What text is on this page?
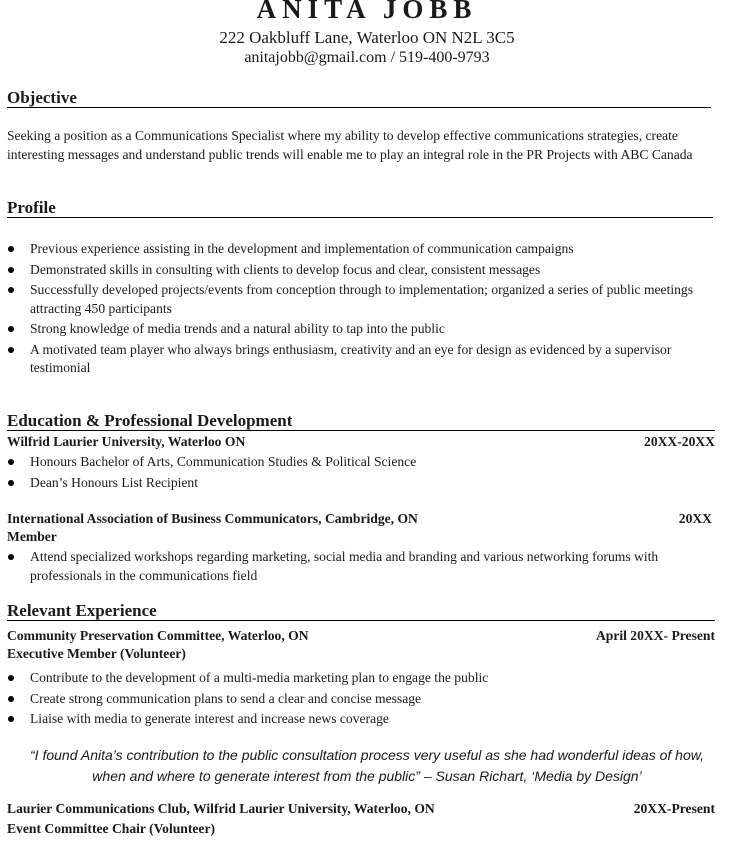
ANITA JOBB
222 Oakbluff Lane, Waterloo ON N2L 3C5
anitajobb@gmail.com / 519-400-9793
Objective
Seeking a position as a Communications Specialist where my ability to develop effective communications strategies, create interesting messages and understand public trends will enable me to play an integral role in the PR Projects with ABC Canada
Profile
Previous experience assisting in the development and implementation of communication campaigns
Demonstrated skills in consulting with clients to develop focus and clear, consistent messages
Successfully developed projects/events from conception through to implementation; organized a series of public meetings attracting 450 participants
Strong knowledge of media trends and a natural ability to tap into the public
A motivated team player who always brings enthusiasm, creativity and an eye for design as evidenced by a supervisor testimonial
Education & Professional Development
Wilfrid Laurier University, Waterloo ON	20XX-20XX
Honours Bachelor of Arts, Communication Studies & Political Science
Dean’s Honours List Recipient
International Association of Business Communicators, Cambridge, ON	20XX
Member
Attend specialized workshops regarding marketing, social media and branding and various networking forums with professionals in the communications field
Relevant Experience
Community Preservation Committee, Waterloo, ON	April 20XX- Present
Executive Member (Volunteer)
Contribute to the development of a multi-media marketing plan to engage the public
Create strong communication plans to send a clear and concise message
Liaise with media to generate interest and increase news coverage
“I found Anita’s contribution to the public consultation process very useful as she had wonderful ideas of how,
when and where to generate interest from the public” – Susan Richart, ‘Media by Design’
Laurier Communications Club, Wilfrid Laurier University, Waterloo, ON	20XX-Present
Event Committee Chair (Volunteer)
